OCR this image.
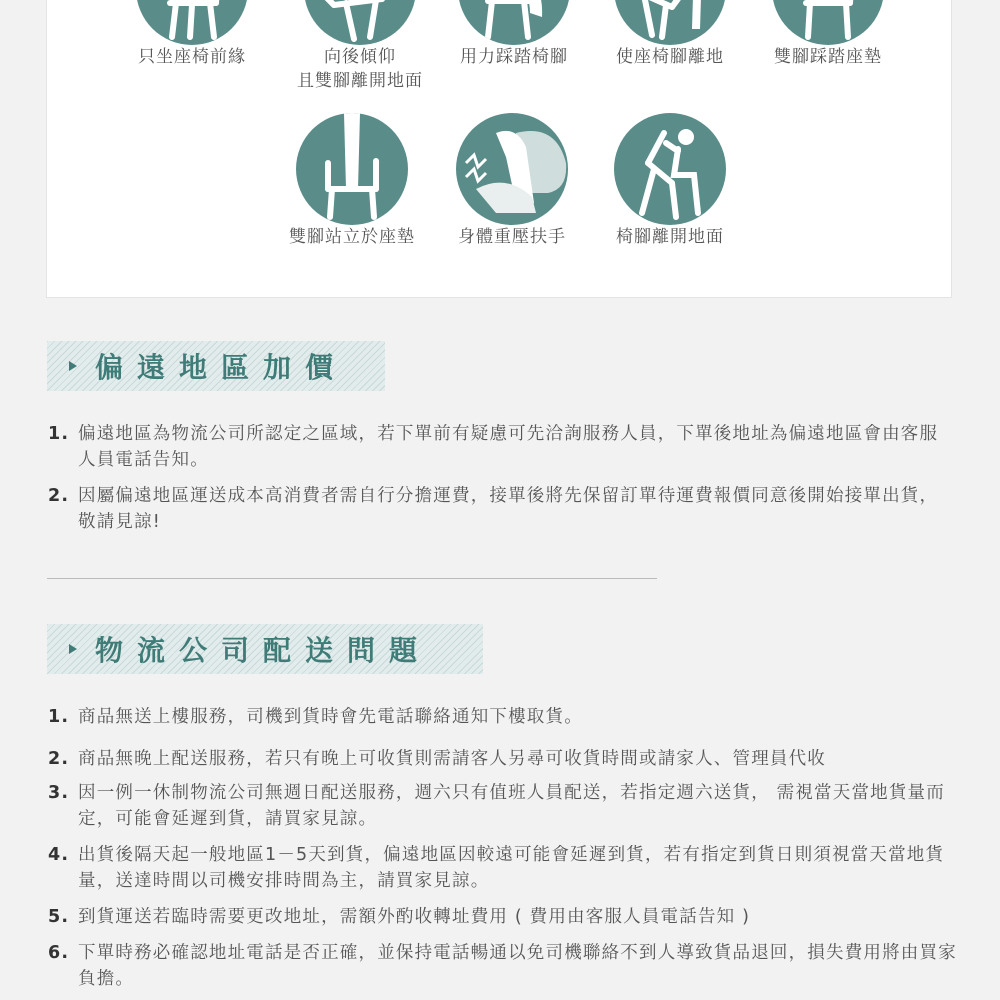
只坐座椅前緣	向後傾仰
且雙腳離開地面
用力踩踏椅腳	使座椅腳離地	雙腳踩踏座墊
雙腳站立於座墊	身體重壓扶手	椅腳離開地面
偏遠地區加價
1. 偏遠地區為物流公司所認定之區域，若下單前有疑慮可先洽詢服務人員，下單後地址為偏遠地區會由客服人員電話告知。
2. 因屬偏遠地區運送成本高消費者需自行分擔運費，接單後將先保留訂單待運費報價同意後開始接單出貨，敬請見諒!
物流公司配送問題
1. 商品無送上樓服務，司機到貨時會先電話聯絡通知下樓取貨。
2. 商品無晚上配送服務，若只有晚上可收貨則需請客人另尋可收貨時間或請家人、管理員代收
3. 因一例一休制物流公司無週日配送服務，週六只有值班人員配送，若指定週六送貨， 需視當天當地貨量而定，可能會延遲到貨，請買家見諒。
4. 出貨後隔天起一般地區1－5天到貨，偏遠地區因較遠可能會延遲到貨，若有指定到貨日則須視當天當地貨量，送達時間以司機安排時間為主，請買家見諒。
5. 到貨運送若臨時需要更改地址，需額外酌收轉址費用 ( 費用由客服人員電話告知 )
6. 下單時務必確認地址電話是否正確，並保持電話暢通以免司機聯絡不到人導致貨品退回，損失費用將由買家負擔。
